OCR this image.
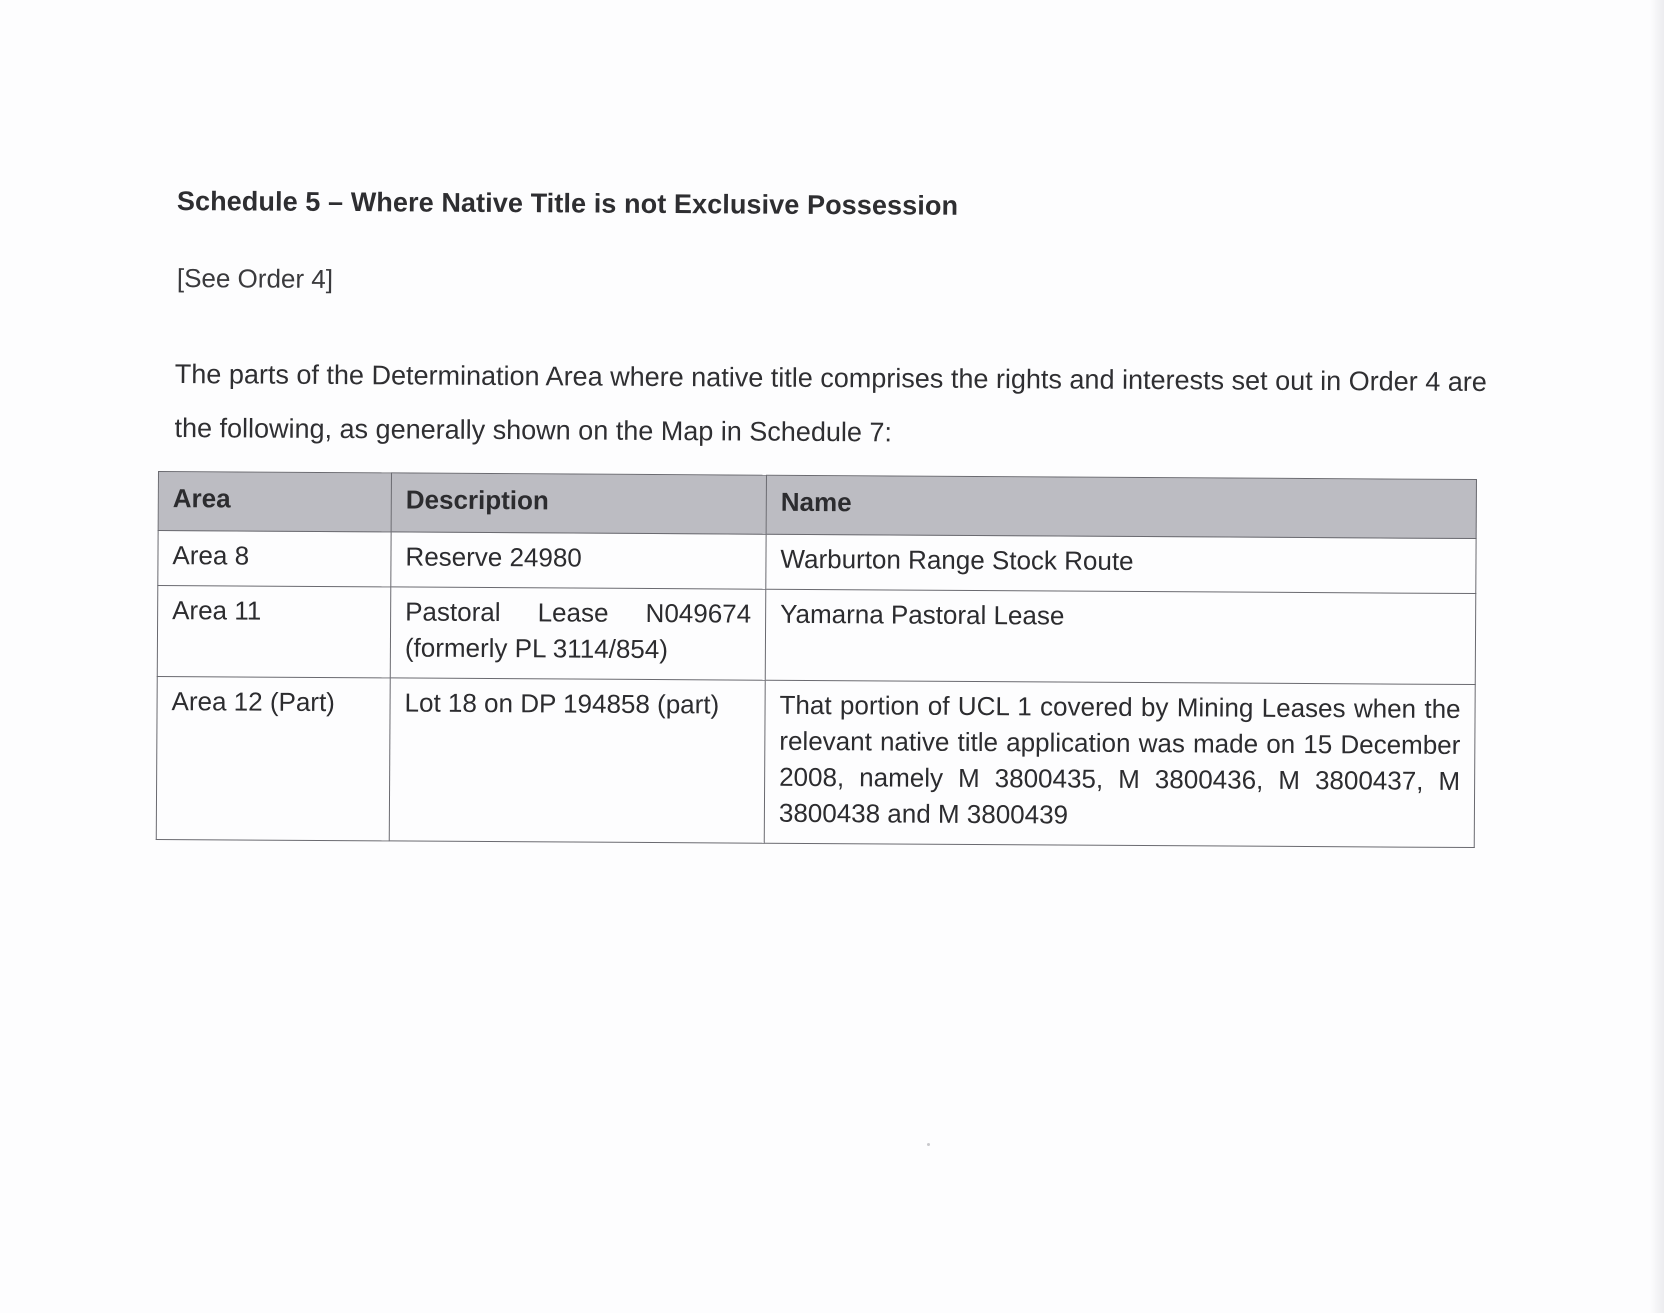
Schedule 5 – Where Native Title is not Exclusive Possession
[See Order 4]
The parts of the Determination Area where native title comprises the rights and interests set out in Order 4 are the following, as generally shown on the Map in Schedule 7:
Area	Description	Name
Area 8	Reserve 24980	Warburton Range Stock Route
Area 11	Pastoral Lease N049674 (formerly PL 3114/854)	Yamarna Pastoral Lease
Area 12 (Part)	Lot 18 on DP 194858 (part)	That portion of UCL 1 covered by Mining Leases when the relevant native title application was made on 15 December 2008, namely M 3800435, M 3800436, M 3800437, M 3800438 and M 3800439
